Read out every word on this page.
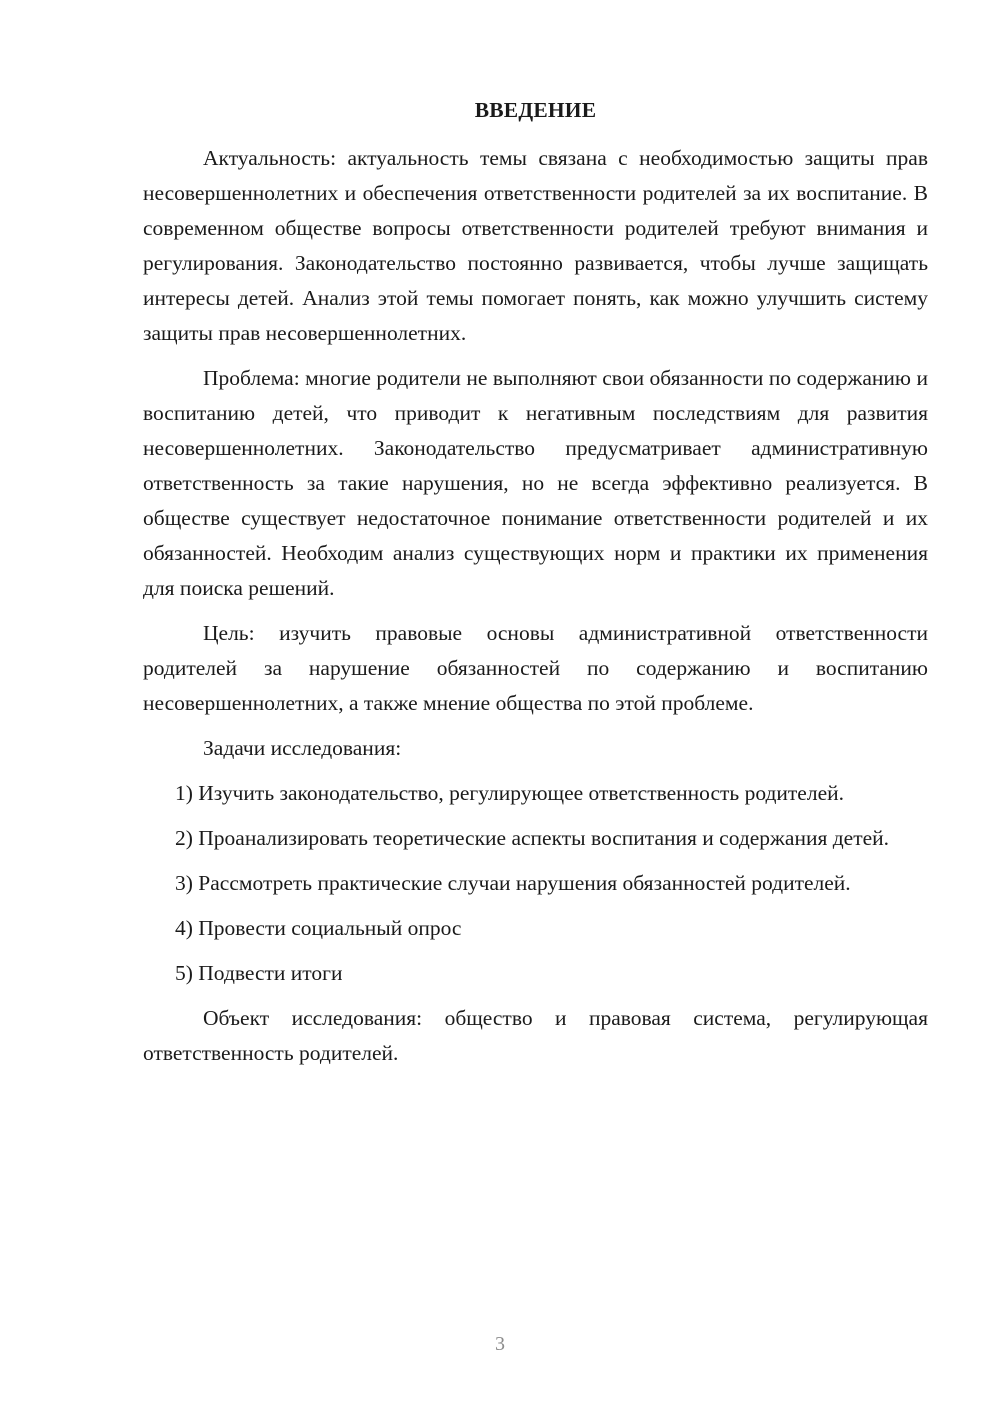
ВВЕДЕНИЕ

Актуальность: актуальность темы связана с необходимостью защиты прав несовершеннолетних и обеспечения ответственности родителей за их воспитание. В современном обществе вопросы ответственности родителей требуют внимания и регулирования. Законодательство постоянно развивается, чтобы лучше защищать интересы детей. Анализ этой темы помогает понять, как можно улучшить систему защиты прав несовершеннолетних.

Проблема: многие родители не выполняют свои обязанности по содержанию и воспитанию детей, что приводит к негативным последствиям для развития несовершеннолетних. Законодательство предусматривает административную ответственность за такие нарушения, но не всегда эффективно реализуется. В обществе существует недостаточное понимание ответственности родителей и их обязанностей. Необходим анализ существующих норм и практики их применения для поиска решений.

Цель: изучить правовые основы административной ответственности родителей за нарушение обязанностей по содержанию и воспитанию несовершеннолетних, а также мнение общества по этой проблеме.

Задачи исследования:

1) Изучить законодательство, регулирующее ответственность родителей.

2) Проанализировать теоретические аспекты воспитания и содержания детей.

3) Рассмотреть практические случаи нарушения обязанностей родителей.

4) Провести социальный опрос

5) Подвести итоги

Объект исследования: общество и правовая система, регулирующая ответственность родителей.

3
